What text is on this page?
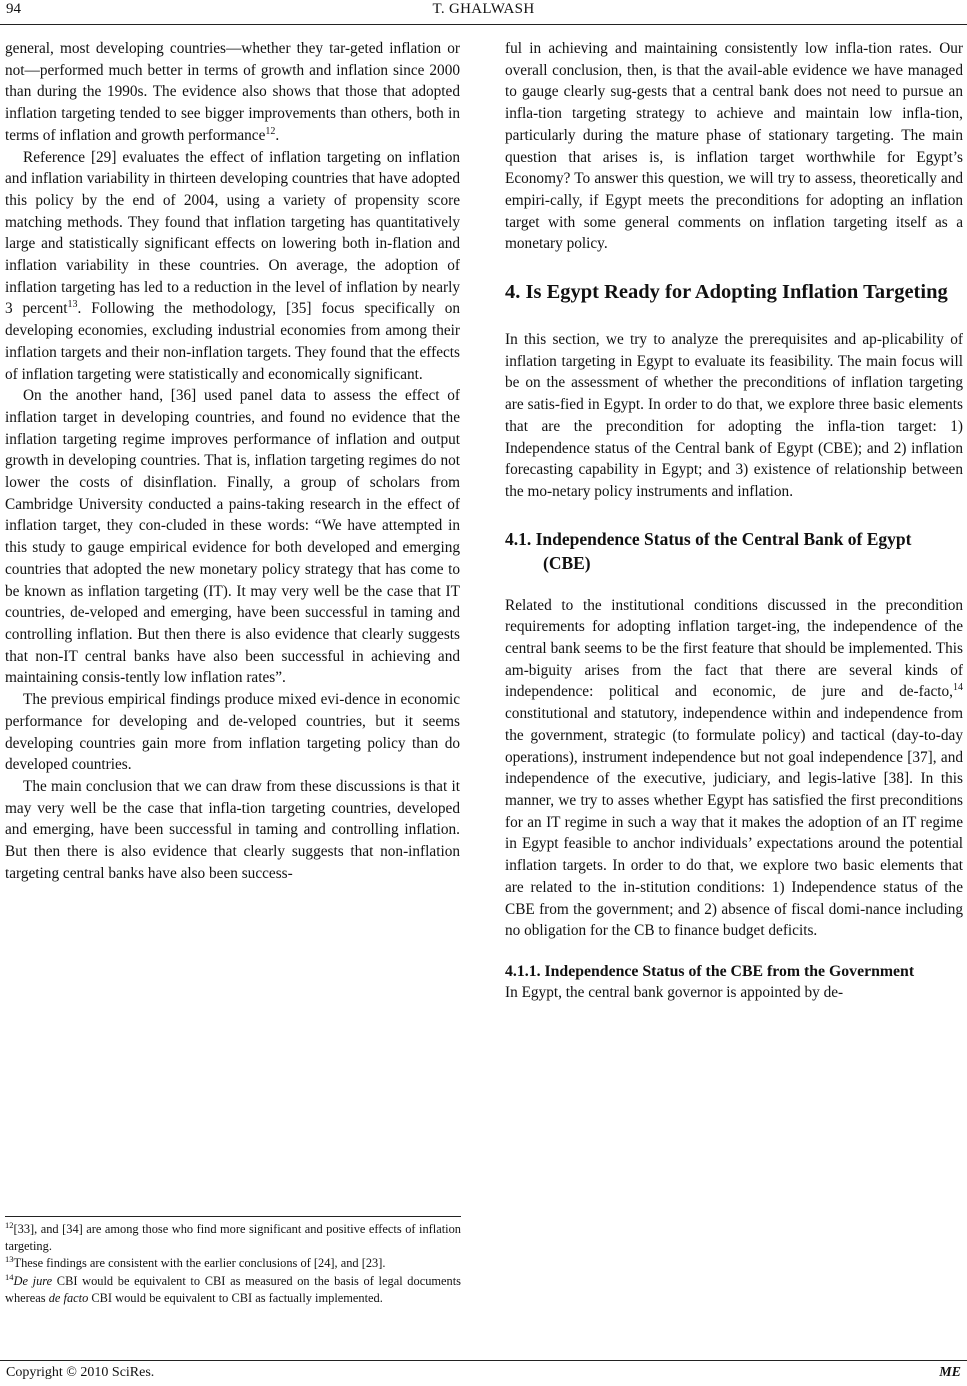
94	T. GHALWASH

general, most developing countries—whether they tar-geted inflation or not—performed much better in terms of growth and inflation since 2000 than during the 1990s. The evidence also shows that those that adopted inflation targeting tended to see bigger improvements than others, both in terms of inflation and growth performance$^{12}$.

Reference [29] evaluates the effect of inflation targeting on inflation and inflation variability in thirteen developing countries that have adopted this policy by the end of 2004, using a variety of propensity score matching methods. They found that inflation targeting has quantitatively large and statistically significant effects on lowering both in-flation and inflation variability in these countries. On average, the adoption of inflation targeting has led to a reduction in the level of inflation by nearly 3 percent$^{13}$. Following the methodology, [35] focus specifically on developing economies, excluding industrial economies from among their inflation targets and their non-inflation targets. They found that the effects of inflation targeting were statistically and economically significant.

On the another hand, [36] used panel data to assess the effect of inflation target in developing countries, and found no evidence that the inflation targeting regime improves performance of inflation and output growth in developing countries. That is, inflation targeting regimes do not lower the costs of disinflation. Finally, a group of scholars from Cambridge University conducted a pains-taking research in the effect of inflation target, they con-cluded in these words: “We have attempted in this study to gauge empirical evidence for both developed and emerging countries that adopted the new monetary policy strategy that has come to be known as inflation targeting (IT). It may very well be the case that IT countries, de-veloped and emerging, have been successful in taming and controlling inflation. But then there is also evidence that clearly suggests that non-IT central banks have also been successful in achieving and maintaining consis-tently low inflation rates”.

The previous empirical findings produce mixed evi-dence in economic performance for developing and de-veloped countries, but it seems developing countries gain more from inflation targeting policy than do developed countries.

The main conclusion that we can draw from these discussions is that it may very well be the case that infla-tion targeting countries, developed and emerging, have been successful in taming and controlling inflation. But then there is also evidence that clearly suggests that non-inflation targeting central banks have also been success-

$^{12}$[33], and [34] are among those who find more significant and positive effects of inflation targeting.

$^{13}$These findings are consistent with the earlier conclusions of [24], and [23].

$^{14}$De jure CBI would be equivalent to CBI as measured on the basis of legal documents whereas de facto CBI would be equivalent to CBI as factually implemented.

ful in achieving and maintaining consistently low infla-tion rates. Our overall conclusion, then, is that the avail-able evidence we have managed to gauge clearly sug-gests that a central bank does not need to pursue an infla-tion targeting strategy to achieve and maintain low infla-tion, particularly during the mature phase of stationary targeting. The main question that arises is, is inflation target worthwhile for Egypt’s Economy? To answer this question, we will try to assess, theoretically and empiri-cally, if Egypt meets the preconditions for adopting an inflation target with some general comments on inflation targeting itself as a monetary policy.

4. Is Egypt Ready for Adopting Inflation Targeting

In this section, we try to analyze the prerequisites and ap-plicability of inflation targeting in Egypt to evaluate its feasibility. The main focus will be on the assessment of whether the preconditions of inflation targeting are satis-fied in Egypt. In order to do that, we explore three basic elements that are the precondition for adopting the infla-tion target: 1) Independence status of the Central bank of Egypt (CBE); and 2) inflation forecasting capability in Egypt; and 3) existence of relationship between the mo-netary policy instruments and inflation.

4.1. Independence Status of the Central Bank of Egypt (CBE)

Related to the institutional conditions discussed in the precondition requirements for adopting inflation target-ing, the independence of the central bank seems to be the first feature that should be implemented. This am-biguity arises from the fact that there are several kinds of independence: political and economic, de jure and de-facto,$^{14}$ constitutional and statutory, independence within and independence from the government, strategic (to formulate policy) and tactical (day-to-day operations), instrument independence but not goal independence [37], and independence of the executive, judiciary, and legis-lative [38]. In this manner, we try to asses whether Egypt has satisfied the first preconditions for an IT regime in such a way that it makes the adoption of an IT regime in Egypt feasible to anchor individuals’ expectations around the potential inflation targets. In order to do that, we explore two basic elements that are related to the in-stitution conditions: 1) Independence status of the CBE from the government; and 2) absence of fiscal domi-nance including no obligation for the CB to finance budget deficits.

4.1.1. Independence Status of the CBE from the Government

In Egypt, the central bank governor is appointed by de-

Copyright © 2010 SciRes.	ME
